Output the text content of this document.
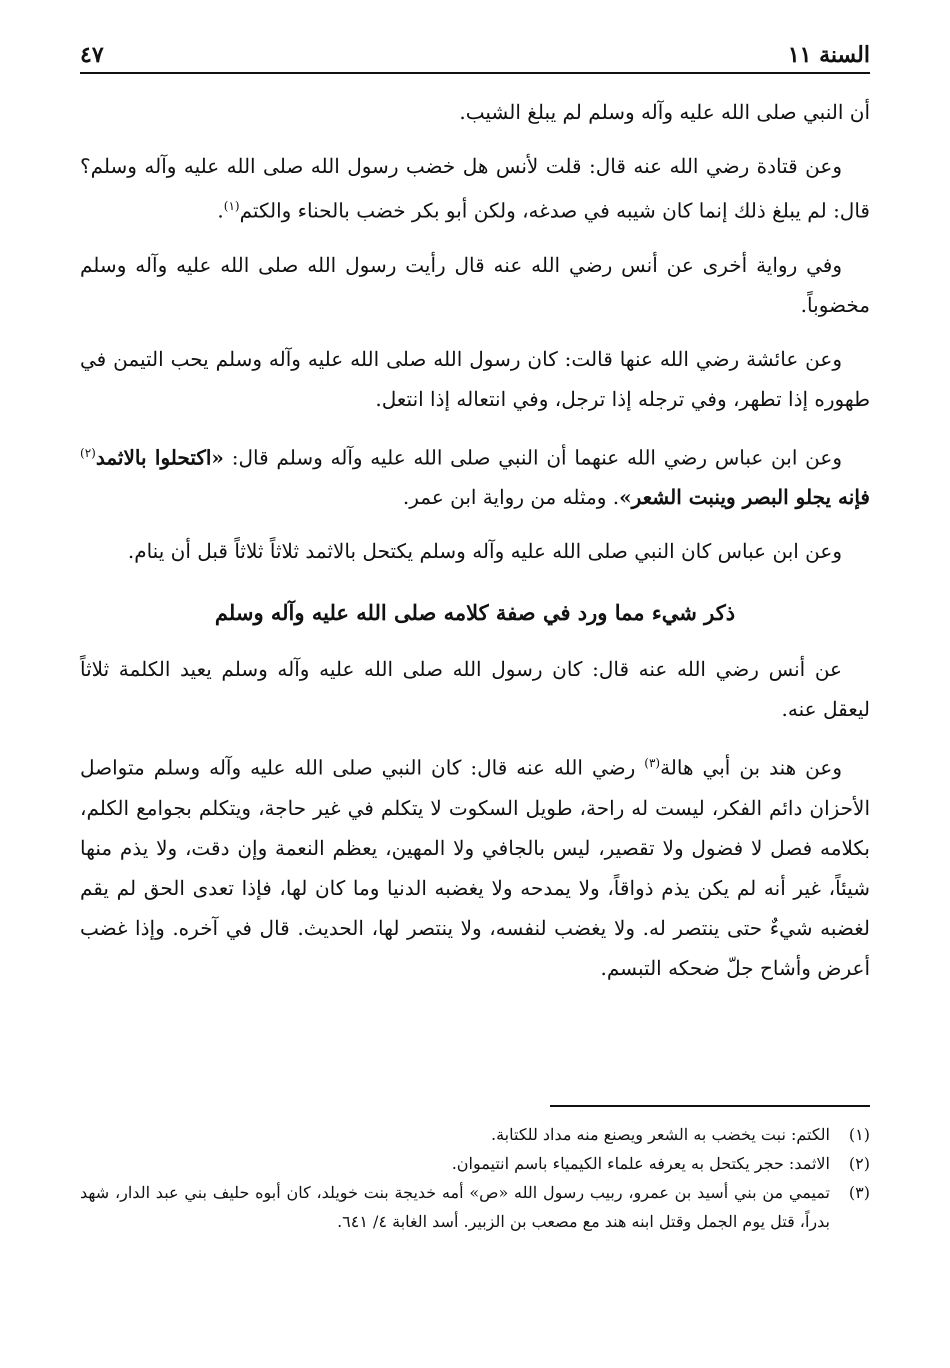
السنة ١١
٤٧

أن النبي صلى الله عليه وآله وسلم لم يبلغ الشيب.

وعن قتادة رضي الله عنه قال: قلت لأنس هل خضب رسول الله صلى الله عليه وآله وسلم؟ قال: لم يبلغ ذلك إنما كان شيبه في صدغه، ولكن أبو بكر خضب بالحناء والكتم$^{(١)}$.

وفي رواية أخرى عن أنس رضي الله عنه قال رأيت رسول الله صلى الله عليه وآله وسلم مخضوباً.

وعن عائشة رضي الله عنها قالت: كان رسول الله صلى الله عليه وآله وسلم يحب التيمن في طهوره إذا تطهر، وفي ترجله إذا ترجل، وفي انتعاله إذا انتعل.

وعن ابن عباس رضي الله عنهما أن النبي صلى الله عليه وآله وسلم قال: «اكتحلوا بالاثمد$^{(٢)}$ فإنه يجلو البصر وينبت الشعر». ومثله من رواية ابن عمر.

وعن ابن عباس كان النبي صلى الله عليه وآله وسلم يكتحل بالاثمد ثلاثاً ثلاثاً قبل أن ينام.

ذكر شيء مما ورد في صفة كلامه صلى الله عليه وآله وسلم

عن أنس رضي الله عنه قال: كان رسول الله صلى الله عليه وآله وسلم يعيد الكلمة ثلاثاً ليعقل عنه.

وعن هند بن أبي هالة$^{(٣)}$ رضي الله عنه قال: كان النبي صلى الله عليه وآله وسلم متواصل الأحزان دائم الفكر، ليست له راحة، طويل السكوت لا يتكلم في غير حاجة، ويتكلم بجوامع الكلم، بكلامه فصل لا فضول ولا تقصير، ليس بالجافي ولا المهين، يعظم النعمة وإن دقت، ولا يذم منها شيئاً، غير أنه لم يكن يذم ذواقاً، ولا يمدحه ولا يغضبه الدنيا وما كان لها، فإذا تعدى الحق لم يقم لغضبه شيءٌ حتى ينتصر له. ولا يغضب لنفسه، ولا ينتصر لها، الحديث. قال في آخره. وإذا غضب أعرض وأشاح جلّ ضحكه التبسم.

(١)
الكتم: نبت يخضب به الشعر ويصنع منه مداد للكتابة.
(٢)
الاثمد: حجر يكتحل به يعرفه علماء الكيمياء باسم انتيموان.
(٣)
تميمي من بني أسيد بن عمرو، ربيب رسول الله «ص» أمه خديجة بنت خويلد، كان أبوه حليف بني عبد الدار، شهد بدراً، قتل يوم الجمل وقتل ابنه هند مع مصعب بن الزبير. أسد الغابة ٤/ ٦٤١.
